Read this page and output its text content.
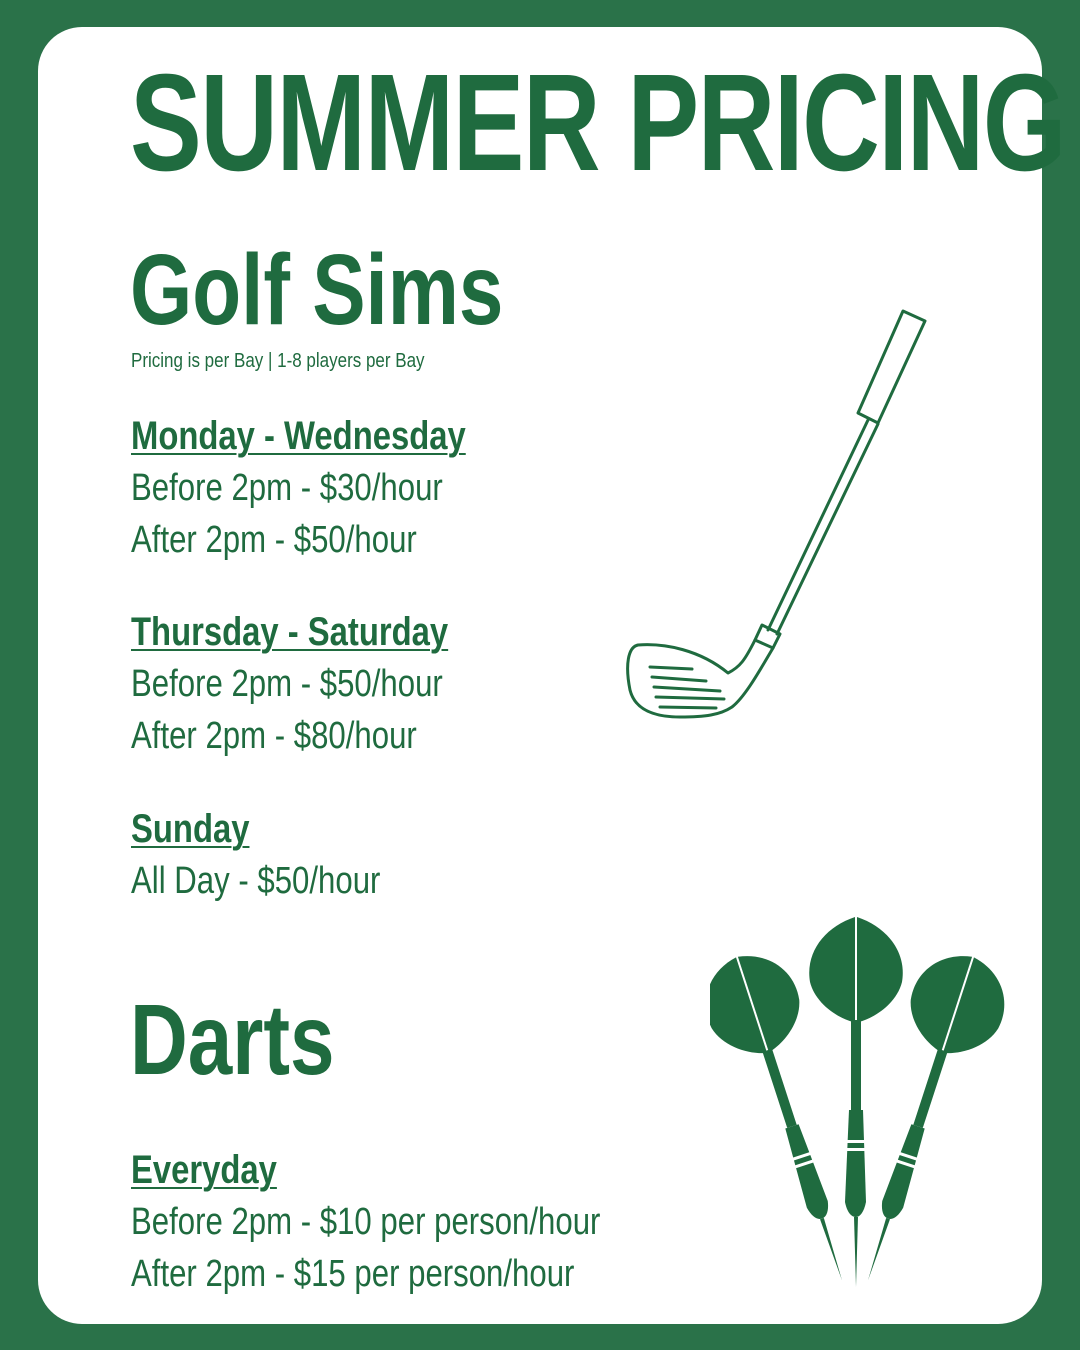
SUMMER PRICING
Golf Sims
Pricing is per Bay | 1-8 players per Bay
Monday - Wednesday
Before 2pm - $30/hour
After 2pm - $50/hour
Thursday - Saturday
Before 2pm - $50/hour
After 2pm - $80/hour
Sunday
All Day - $50/hour
Darts
Everyday
Before 2pm - $10 per person/hour
After 2pm - $15 per person/hour
